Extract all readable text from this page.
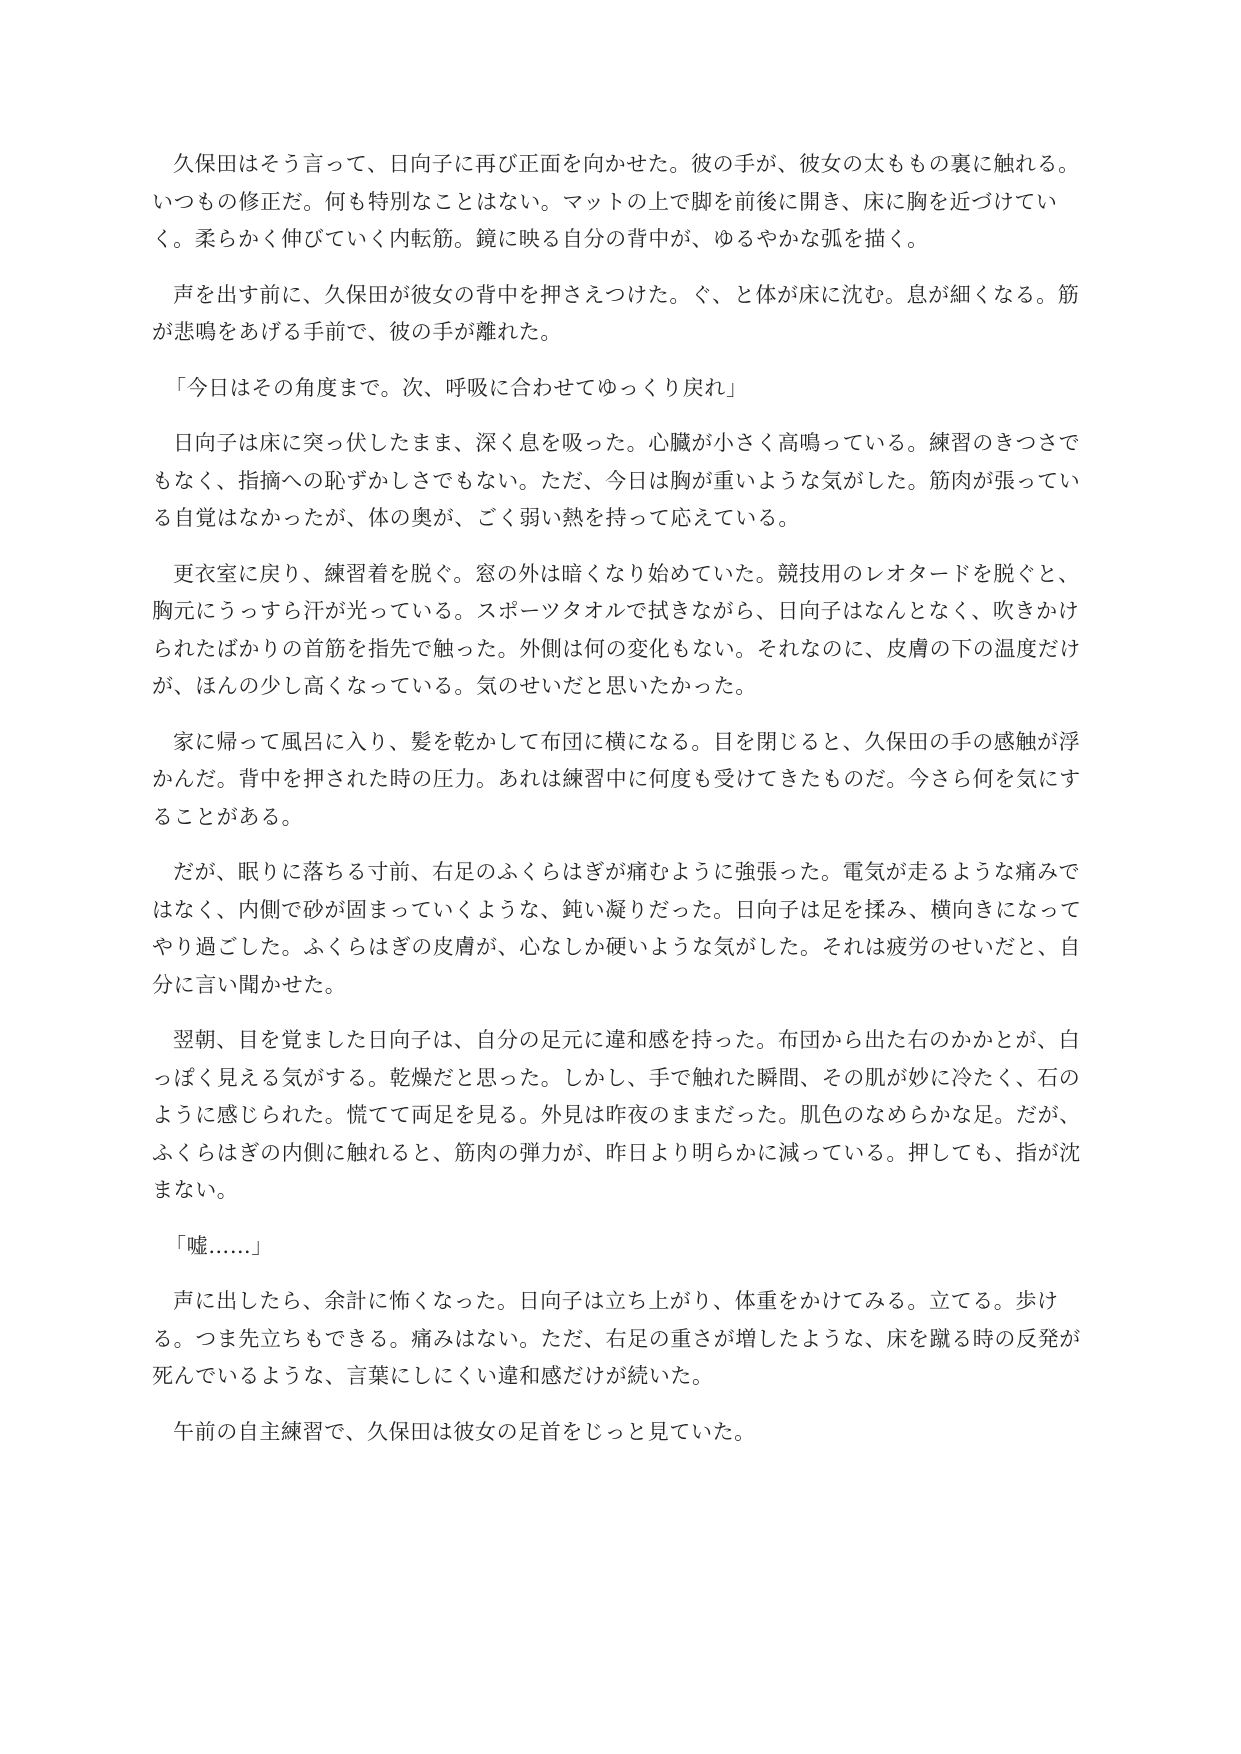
久保田はそう言って、日向子に再び正面を向かせた。彼の手が、彼女の太ももの裏に触れる。いつもの修正だ。何も特別なことはない。マットの上で脚を前後に開き、床に胸を近づけていく。柔らかく伸びていく内転筋。鏡に映る自分の背中が、ゆるやかな弧を描く。

声を出す前に、久保田が彼女の背中を押さえつけた。ぐ、と体が床に沈む。息が細くなる。筋が悲鳴をあげる手前で、彼の手が離れた。

「今日はその角度まで。次、呼吸に合わせてゆっくり戻れ」

日向子は床に突っ伏したまま、深く息を吸った。心臓が小さく高鳴っている。練習のきつさでもなく、指摘への恥ずかしさでもない。ただ、今日は胸が重いような気がした。筋肉が張っている自覚はなかったが、体の奥が、ごく弱い熱を持って応えている。

更衣室に戻り、練習着を脱ぐ。窓の外は暗くなり始めていた。競技用のレオタードを脱ぐと、胸元にうっすら汗が光っている。スポーツタオルで拭きながら、日向子はなんとなく、吹きかけられたばかりの首筋を指先で触った。外側は何の変化もない。それなのに、皮膚の下の温度だけが、ほんの少し高くなっている。気のせいだと思いたかった。

家に帰って風呂に入り、髪を乾かして布団に横になる。目を閉じると、久保田の手の感触が浮かんだ。背中を押された時の圧力。あれは練習中に何度も受けてきたものだ。今さら何を気にすることがある。

だが、眠りに落ちる寸前、右足のふくらはぎが痛むように強張った。電気が走るような痛みではなく、内側で砂が固まっていくような、鈍い凝りだった。日向子は足を揉み、横向きになってやり過ごした。ふくらはぎの皮膚が、心なしか硬いような気がした。それは疲労のせいだと、自分に言い聞かせた。

翌朝、目を覚ました日向子は、自分の足元に違和感を持った。布団から出た右のかかとが、白っぽく見える気がする。乾燥だと思った。しかし、手で触れた瞬間、その肌が妙に冷たく、石のように感じられた。慌てて両足を見る。外見は昨夜のままだった。肌色のなめらかな足。だが、ふくらはぎの内側に触れると、筋肉の弾力が、昨日より明らかに減っている。押しても、指が沈まない。

「嘘……」

声に出したら、余計に怖くなった。日向子は立ち上がり、体重をかけてみる。立てる。歩ける。つま先立ちもできる。痛みはない。ただ、右足の重さが増したような、床を蹴る時の反発が死んでいるような、言葉にしにくい違和感だけが続いた。

午前の自主練習で、久保田は彼女の足首をじっと見ていた。
